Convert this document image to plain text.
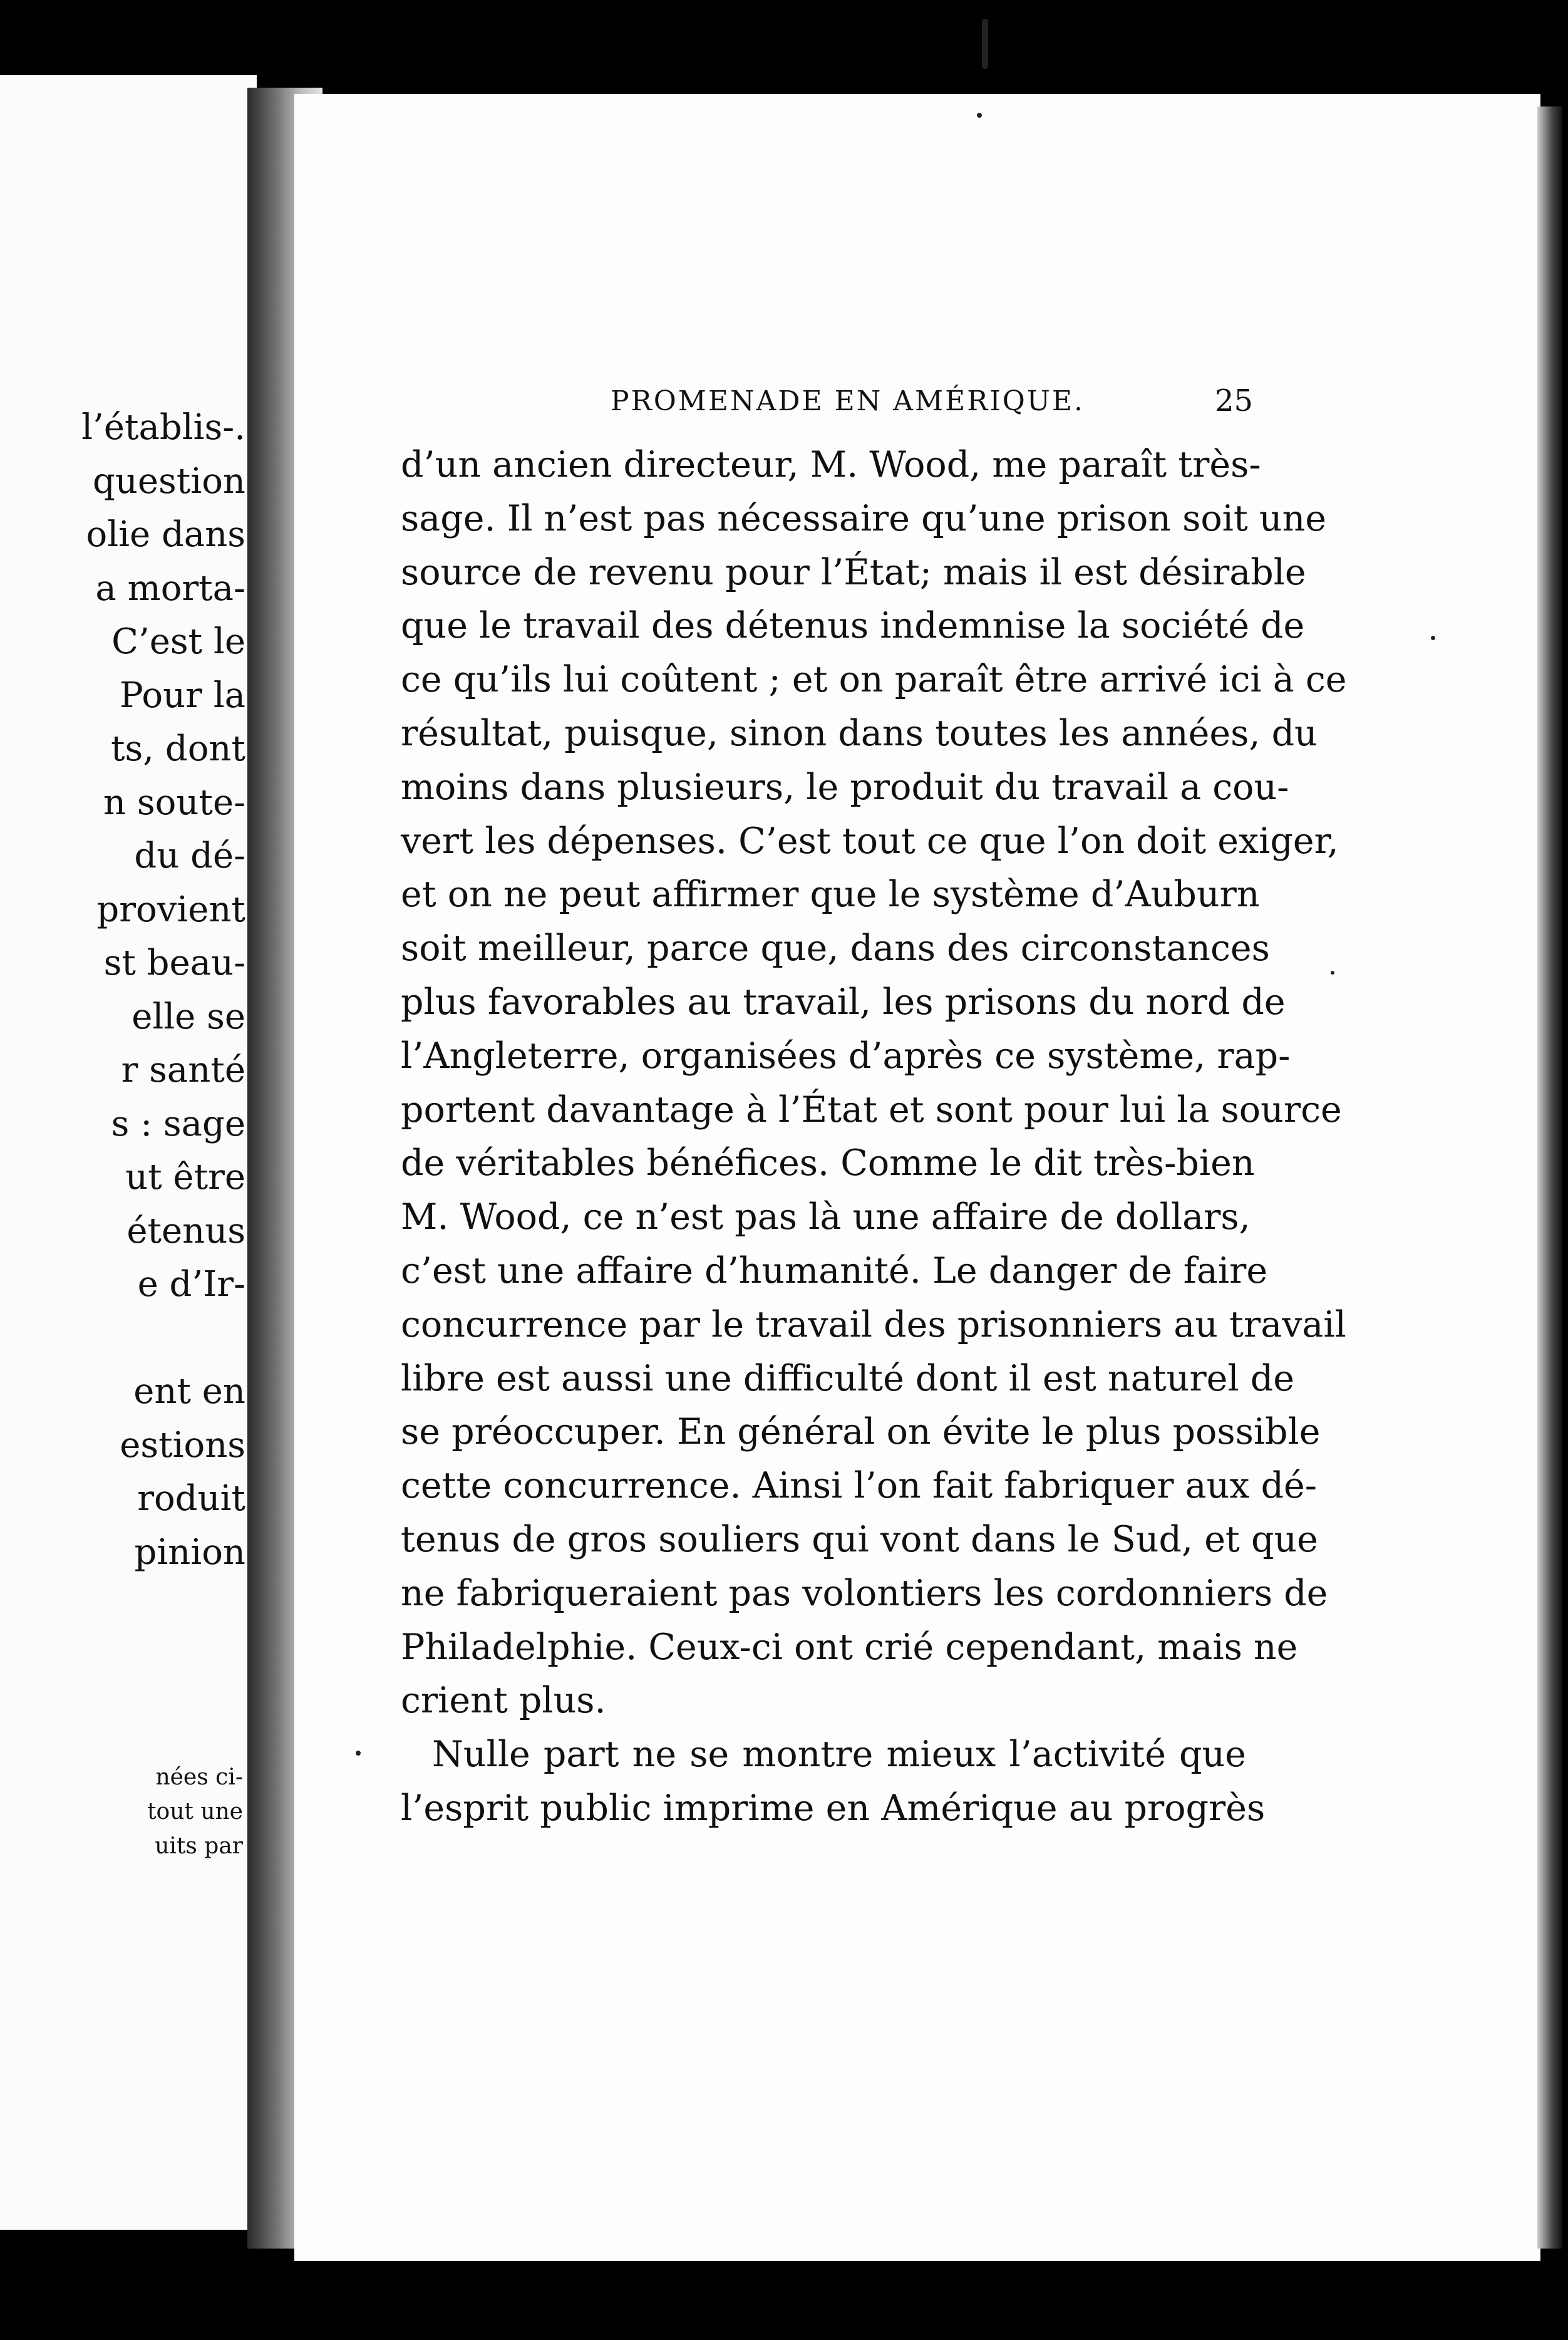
l’établis-.
question
olie dans
a morta-
C’est le
Pour la
ts, dont
n soute-
du dé-
provient
st beau-
elle se
r santé
s : sage
ut être
étenus
e d’Ir-
ent en
estions
roduit
pinion
nées ci-
tout une
uits par
PROMENADE EN AMÉRIQUE.	25
d’un ancien directeur, M. Wood, me paraît très-
sage. Il n’est pas nécessaire qu’une prison soit une
source de revenu pour l’État; mais il est désirable
que le travail des détenus indemnise la société de
ce qu’ils lui coûtent ; et on paraît être arrivé ici à ce
résultat, puisque, sinon dans toutes les années, du
moins dans plusieurs, le produit du travail a cou-
vert les dépenses. C’est tout ce que l’on doit exiger,
et on ne peut affirmer que le système d’Auburn
soit meilleur, parce que, dans des circonstances
plus favorables au travail, les prisons du nord de
l’Angleterre, organisées d’après ce système, rap-
portent davantage à l’État et sont pour lui la source
de véritables bénéfices. Comme le dit très-bien
M. Wood, ce n’est pas là une affaire de dollars,
c’est une affaire d’humanité. Le danger de faire
concurrence par le travail des prisonniers au travail
libre est aussi une difficulté dont il est naturel de
se préoccuper. En général on évite le plus possible
cette concurrence. Ainsi l’on fait fabriquer aux dé-
tenus de gros souliers qui vont dans le Sud, et que
ne fabriqueraient pas volontiers les cordonniers de
Philadelphie. Ceux-ci ont crié cependant, mais ne
crient plus.
Nulle part ne se montre mieux l’activité que
l’esprit public imprime en Amérique au progrès
